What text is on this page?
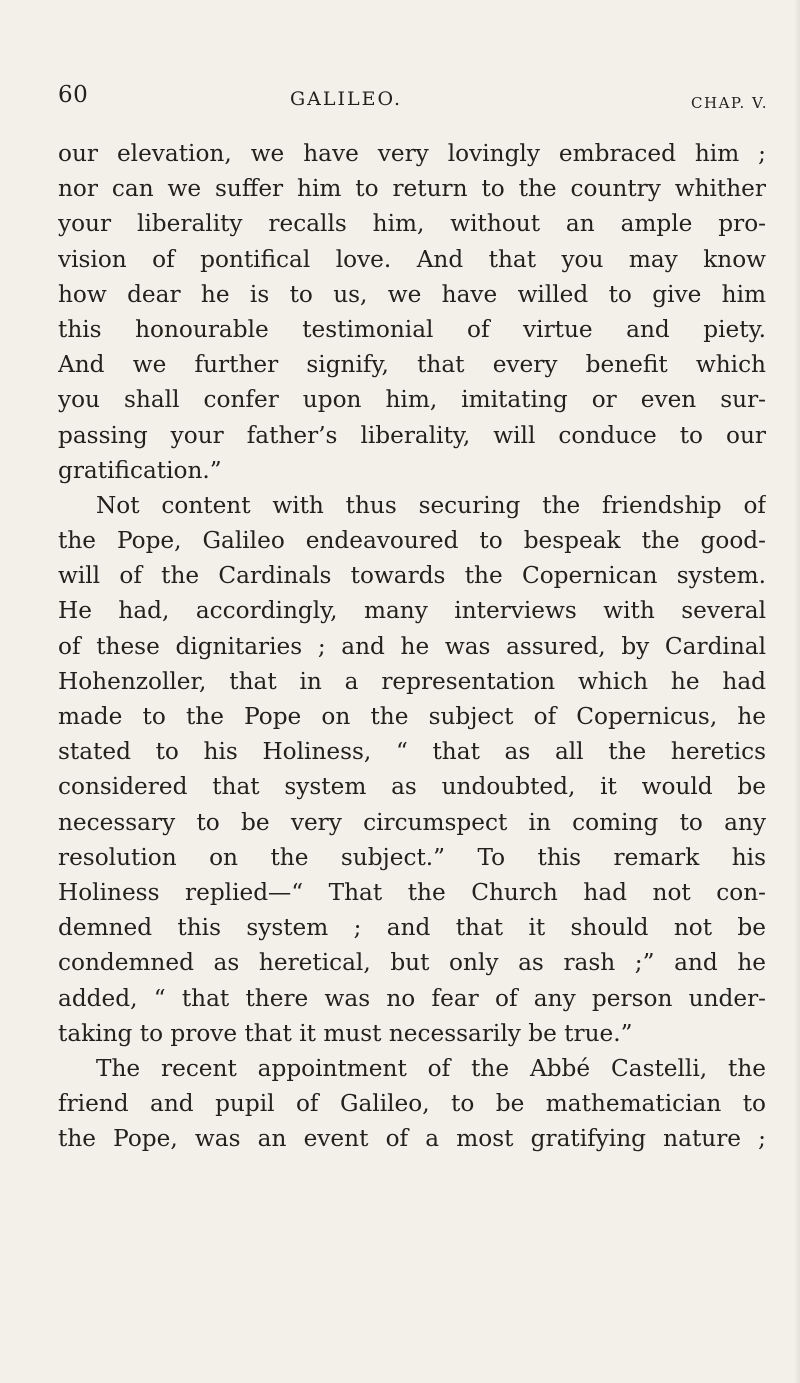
60	GALILEO.	CHAP. V.
our elevation, we have very lovingly embraced him ;
nor can we suffer him to return to the country whither
your liberality recalls him, without an ample pro-
vision of pontifical love. And that you may know
how dear he is to us, we have willed to give him
this honourable testimonial of virtue and piety.
And we further signify, that every benefit which
you shall confer upon him, imitating or even sur-
passing your father’s liberality, will conduce to our
gratification.”
Not content with thus securing the friendship of
the Pope, Galileo endeavoured to bespeak the good-
will of the Cardinals towards the Copernican system.
He had, accordingly, many interviews with several
of these dignitaries ; and he was assured, by Cardinal
Hohenzoller, that in a representation which he had
made to the Pope on the subject of Copernicus, he
stated to his Holiness, “ that as all the heretics
considered that system as undoubted, it would be
necessary to be very circumspect in coming to any
resolution on the subject.” To this remark his
Holiness replied—“ That the Church had not con-
demned this system ; and that it should not be
condemned as heretical, but only as rash ;” and he
added, “ that there was no fear of any person under-
taking to prove that it must necessarily be true.”
The recent appointment of the Abbé Castelli, the
friend and pupil of Galileo, to be mathematician to
the Pope, was an event of a most gratifying nature ;
